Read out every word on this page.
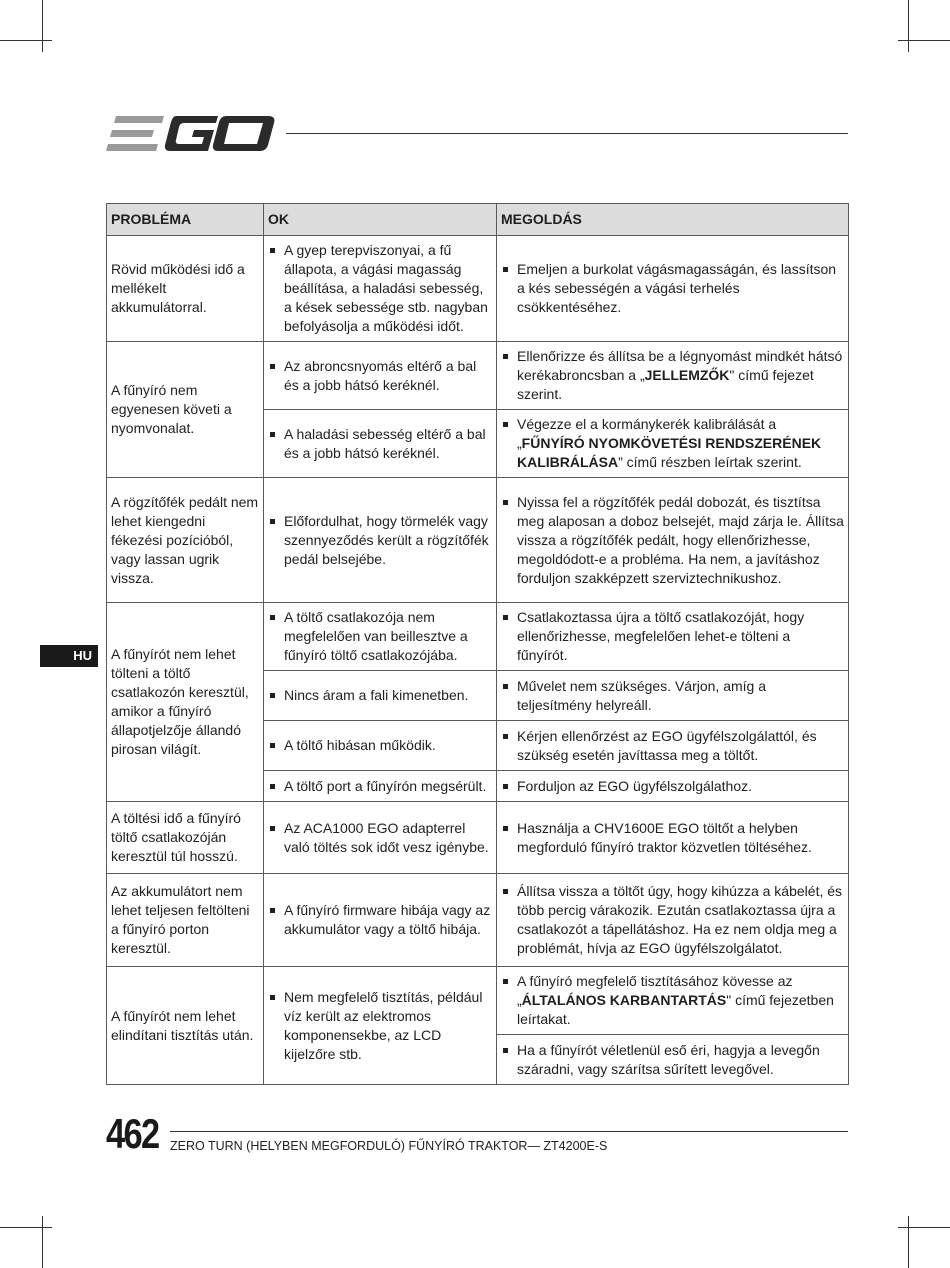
HU
PROBLÉMA	OK	MEGOLDÁS
Rövid működési idő a mellékelt akkumulátorral.	A gyep terepviszonyai, a fű állapota, a vágási magasság beállítása, a haladási sebesség, a kések sebessége stb. nagyban befolyásolja a működési időt.	Emeljen a burkolat vágásmagasságán, és lassítson a kés sebességén a vágási terhelés csökkentéséhez.

A fűnyíró nem egyenesen követi a nyomvonalat.	Az abroncsnyomás eltérő a bal és a jobb hátsó keréknél.	Ellenőrizze és állítsa be a légnyomást mindkét hátsó kerékabroncsban a „JELLEMZŐK" című fejezet szerint.

	A haladási sebesség eltérő a bal és a jobb hátsó keréknél.	Végezze el a kormánykerék kalibrálását a „FŰNYÍRÓ NYOMKÖVETÉSI RENDSZERÉNEK KALIBRÁLÁSA” című részben leírtak szerint.

A rögzítőfék pedált nem lehet kiengedni fékezési pozícióból, vagy lassan ugrik vissza.	Előfordulhat, hogy törmelék vagy szennyeződés került a rögzítőfék pedál belsejébe.	Nyissa fel a rögzítőfék pedál dobozát, és tisztítsa meg alaposan a doboz belsejét, majd zárja le. Állítsa vissza a rögzítőfék pedált, hogy ellenőrizhesse, megoldódott-e a probléma. Ha nem, a javításhoz forduljon szakképzett szerviztechnikushoz.

A fűnyírót nem lehet tölteni a töltő csatlakozón keresztül, amikor a fűnyíró állapotjelzője állandó pirosan világít.	A töltő csatlakozója nem megfelelően van beillesztve a fűnyíró töltő csatlakozójába.	Csatlakoztassa újra a töltő csatlakozóját, hogy ellenőrizhesse, megfelelően lehet-e tölteni a fűnyírót.

	Nincs áram a fali kimenetben.	Művelet nem szükséges. Várjon, amíg a teljesítmény helyreáll.

	A töltő hibásan működik.	Kérjen ellenőrzést az EGO ügyfélszolgálattól, és szükség esetén javíttassa meg a töltőt.

	A töltő port a fűnyírón megsérült.	Forduljon az EGO ügyfélszolgálathoz.

A töltési idő a fűnyíró töltő csatlakozóján keresztül túl hosszú.	Az ACA1000 EGO adapterrel való töltés sok időt vesz igénybe.	Használja a CHV1600E EGO töltőt a helyben megforduló fűnyíró traktor közvetlen töltéséhez.

Az akkumulátort nem lehet teljesen feltölteni a fűnyíró porton keresztül.	A fűnyíró firmware hibája vagy az akkumulátor vagy a töltő hibája.	Állítsa vissza a töltőt úgy, hogy kihúzza a kábelét, és több percig várakozik. Ezután csatlakoztassa újra a csatlakozót a tápellátáshoz. Ha ez nem oldja meg a problémát, hívja az EGO ügyfélszolgálatot.

A fűnyírót nem lehet elindítani tisztítás után.	Nem megfelelő tisztítás, például víz került az elektromos komponensekbe, az LCD kijelzőre stb.	A fűnyíró megfelelő tisztításához kövesse az „ÁLTALÁNOS KARBANTARTÁS" című fejezetben leírtakat.

		Ha a fűnyírót véletlenül eső éri, hagyja a levegőn száradni, vagy szárítsa sűrített levegővel.
462 ZERO TURN (HELYBEN MEGFORDULÓ) FŰNYÍRÓ TRAKTOR— ZT4200E-S
